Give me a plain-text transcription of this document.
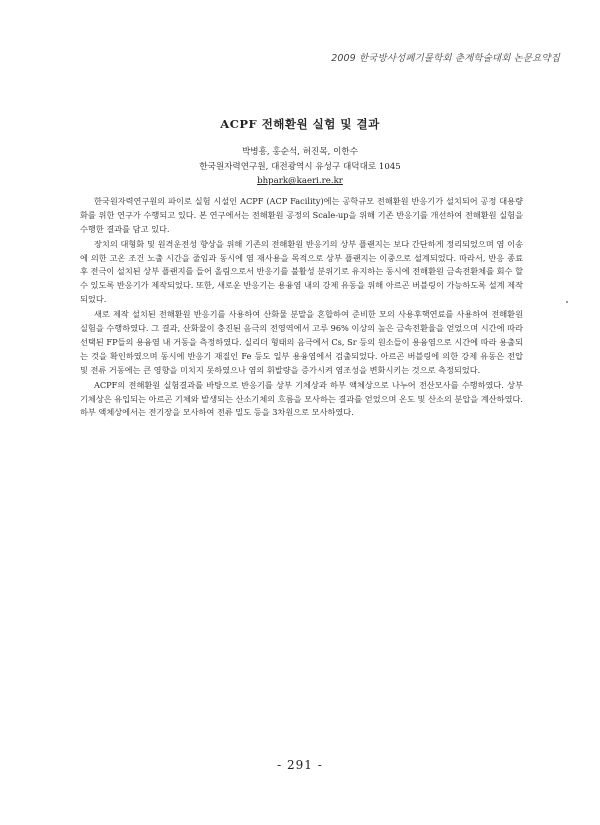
2009 한국방사성폐기물학회 춘계학술대회 논문요약집
ACPF 전해환원 실험 및 결과
박병흥, 홍순석, 허진목, 이한수
한국원자력연구원, 대전광역시 유성구 대덕대로 1045
bhpark@kaeri.re.kr

한국원자력연구원의 파이로 실험 시설인 ACPF (ACP Facility)에는 공학규모 전해환원 반응기가 설치되어 공정 대용량화를 위한 연구가 수행되고 있다. 본 연구에서는 전해환원 공정의 Scale-up을 위해 기존 반응기를 개선하여 전해환원 실험을 수행한 결과를 담고 있다.

장치의 대형화 및 원격운전성 향상을 위해 기존의 전해환원 반응기의 상부 플랜지는 보다 간단하게 정리되었으며 염 이송에 의한 고온 조건 노출 시간을 줄임과 동시에 염 재사용을 목적으로 상부 플랜지는 이중으로 설계되었다. 따라서, 반응 종료후 전극이 설치된 상부 플랜지를 들어 올림으로서 반응기를 불활성 분위기로 유지하는 동시에 전해환원 금속전환체를 회수 할 수 있도록 반응기가 제작되었다. 또한, 새로운 반응기는 용융염 내의 강제 유동을 위해 아르곤 버블링이 가능하도록 설계 제작되었다.

새로 제작 설치된 전해환원 반응기를 사용하여 산화물 분말을 혼합하여 준비한 모의 사용후핵연료를 사용하여 전해환원 실험을 수행하였다. 그 결과, 산화물이 충진된 음극의 전영역에서 고루 96% 이상의 높은 금속전환율을 얻었으며 시간에 따라 선택된 FP들의 용융염 내 거동을 측정하였다. 실리더 형태의 음극에서 Cs, Sr 등의 원소들이 용융염으로 시간에 따라 용출되는 것을 확인하였으며 동시에 반응기 재질인 Fe 등도 일부 용융염에서 검출되었다. 아르곤 버블링에 의한 강제 유동은 전압 및 전류 거동에는 큰 영향을 미치지 못하였으나 염의 휘발량을 증가시켜 염조성을 변화시키는 것으로 측정되었다.

ACPF의 전해환원 실험결과를 바탕으로 반응기를 상부 기체상과 하부 액체상으로 나누어 전산모사를 수행하였다. 상부 기체상은 유입되는 아르곤 기체와 발생되는 산소기체의 흐름을 모사하는 결과를 얻었으며 온도 및 산소의 분압을 계산하였다. 하부 액체상에서는 전기장을 모사하여 전류 밀도 등을 3차원으로 모사하였다.

- 291 -
